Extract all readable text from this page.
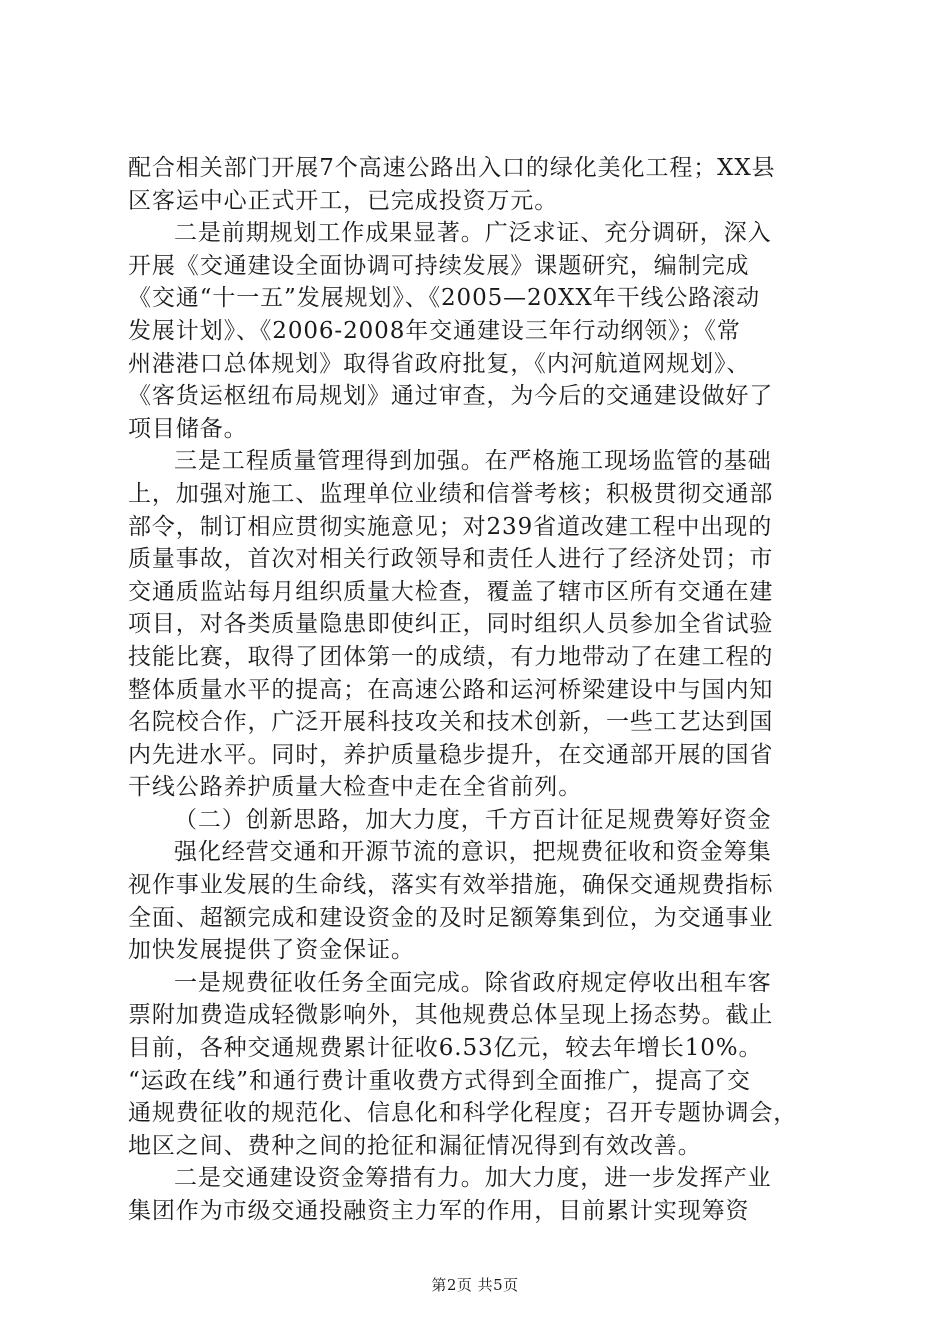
配合相关部门开展7个高速公路出入口的绿化美化工程；XX县
区客运中心正式开工，已完成投资万元。
二是前期规划工作成果显著。广泛求证、充分调研，深入
开展《交通建设全面协调可持续发展》课题研究，编制完成
《交通“十一五”发展规划》、《2005—20XX年干线公路滚动
发展计划》、《2006-2008年交通建设三年行动纲领》；《常
州港港口总体规划》取得省政府批复，《内河航道网规划》、
《客货运枢纽布局规划》通过审查，为今后的交通建设做好了
项目储备。
三是工程质量管理得到加强。在严格施工现场监管的基础
上，加强对施工、监理单位业绩和信誉考核；积极贯彻交通部
部令，制订相应贯彻实施意见；对239省道改建工程中出现的
质量事故，首次对相关行政领导和责任人进行了经济处罚；市
交通质监站每月组织质量大检查，覆盖了辖市区所有交通在建
项目，对各类质量隐患即使纠正，同时组织人员参加全省试验
技能比赛，取得了团体第一的成绩，有力地带动了在建工程的
整体质量水平的提高；在高速公路和运河桥梁建设中与国内知
名院校合作，广泛开展科技攻关和技术创新，一些工艺达到国
内先进水平。同时，养护质量稳步提升，在交通部开展的国省
干线公路养护质量大检查中走在全省前列。
（二）创新思路，加大力度，千方百计征足规费筹好资金
强化经营交通和开源节流的意识，把规费征收和资金筹集
视作事业发展的生命线，落实有效举措施，确保交通规费指标
全面、超额完成和建设资金的及时足额筹集到位，为交通事业
加快发展提供了资金保证。
一是规费征收任务全面完成。除省政府规定停收出租车客
票附加费造成轻微影响外，其他规费总体呈现上扬态势。截止
目前，各种交通规费累计征收6.53亿元，较去年增长10%。
“运政在线”和通行费计重收费方式得到全面推广，提高了交
通规费征收的规范化、信息化和科学化程度；召开专题协调会，
地区之间、费种之间的抢征和漏征情况得到有效改善。
二是交通建设资金筹措有力。加大力度，进一步发挥产业
集团作为市级交通投融资主力军的作用，目前累计实现筹资
第2页 共5页
